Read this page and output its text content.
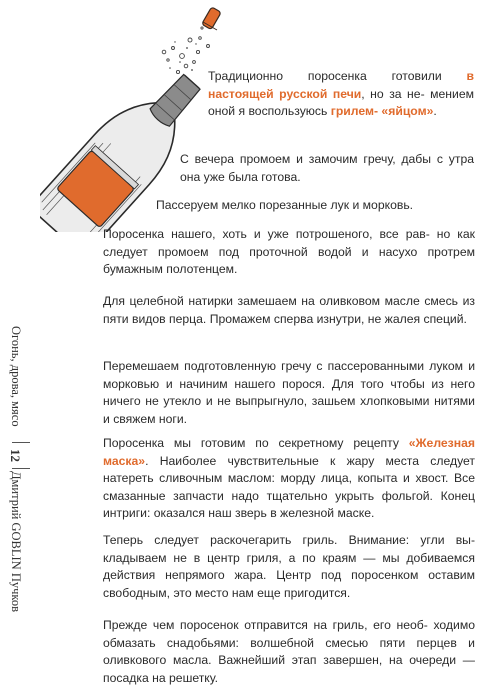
Традиционно поросенка готовили в настоящей русской печи, но за не- мением оной я воспользуюсь грилем- «яйцом».

С вечера промоем и замочим гречу, дабы с утра она уже была готова.

Пассеруем мелко порезанные лук и морковь.

Поросенка нашего, хоть и уже потрошеного, все рав- но как следует промоем под проточной водой и насухо протрем бумажным полотенцем.

Для целебной натирки замешаем на оливковом масле смесь из пяти видов перца. Промажем сперва изнутри, не жалея специй.

Перемешаем подготовленную гречу с пассерованными луком и морковью и начиним нашего порося. Для того чтобы из него ничего не утекло и не выпрыгнуло, зашьем хлопковыми нитями и свяжем ноги.

Поросенка мы готовим по секретному рецепту «Железная маска». Наиболее чувствительные к жару места следует натереть сливочным маслом: морду лица, копыта и хвост. Все смазанные запчасти надо тщательно укрыть фольгой. Конец интриги: оказался наш зверь в железной маске.

Теперь следует раскочегарить гриль. Внимание: угли вы- кладываем не в центр гриля, а по краям — мы добиваемся действия непрямого жара. Центр под поросенком оставим свободным, это место нам еще пригодится.

Прежде чем поросенок отправится на гриль, его необ- ходимо обмазать снадобьями: волшебной смесью пяти перцев и оливкового масла. Важнейший этап завершен, на очереди — посадка на решетку.

Огонь, дрова, мясо
12
Дмитрий GOBLIN Пучков
